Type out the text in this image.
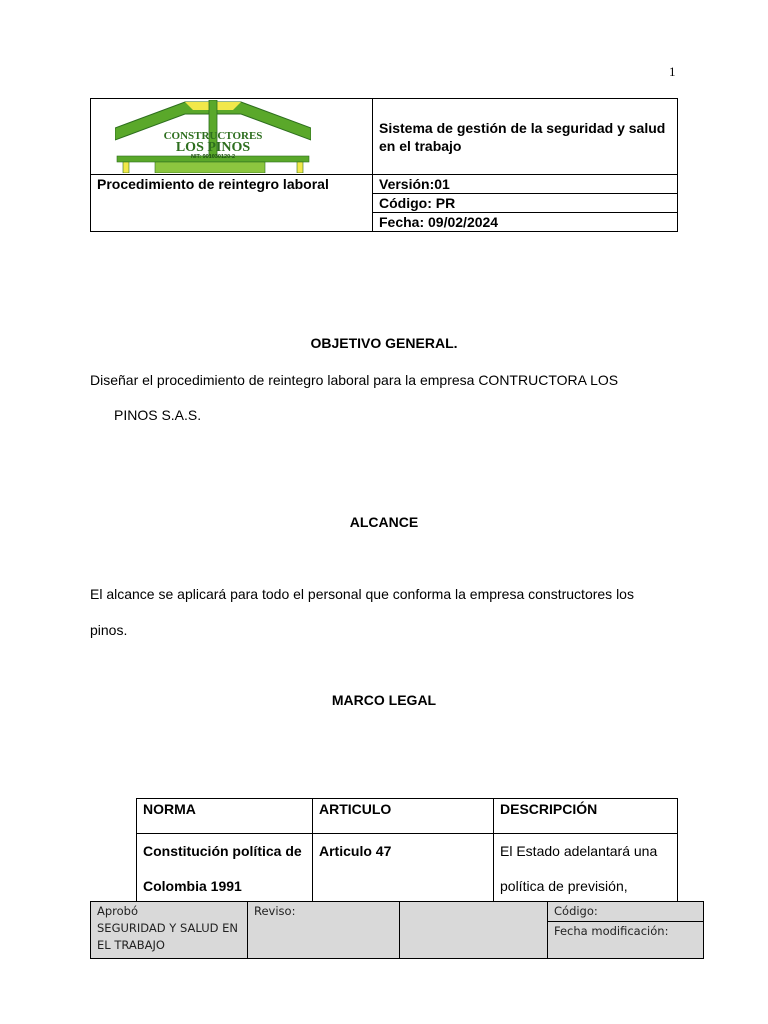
1
CONSTRUCTORES
LOS PINOS
NIT: 901030120-2	Sistema de gestión de la seguridad y salud en el trabajo
Procedimiento de reintegro laboral	Versión:01
	Código: PR
	Fecha: 09/02/2024
OBJETIVO GENERAL.
Diseñar el procedimiento de reintegro laboral para la empresa CONTRUCTORA LOS
PINOS S.A.S.
ALCANCE
El alcance se aplicará para todo el personal que conforma la empresa constructores los
pinos.
MARCO LEGAL
NORMA	ARTICULO	DESCRIPCIÓN
Constitución política de Colombia 1991	Articulo 47	El Estado adelantará una política de previsión,
Aprobó
SEGURIDAD Y SALUD EN EL TRABAJO
	Reviso:		Código:
Fecha modificación:
